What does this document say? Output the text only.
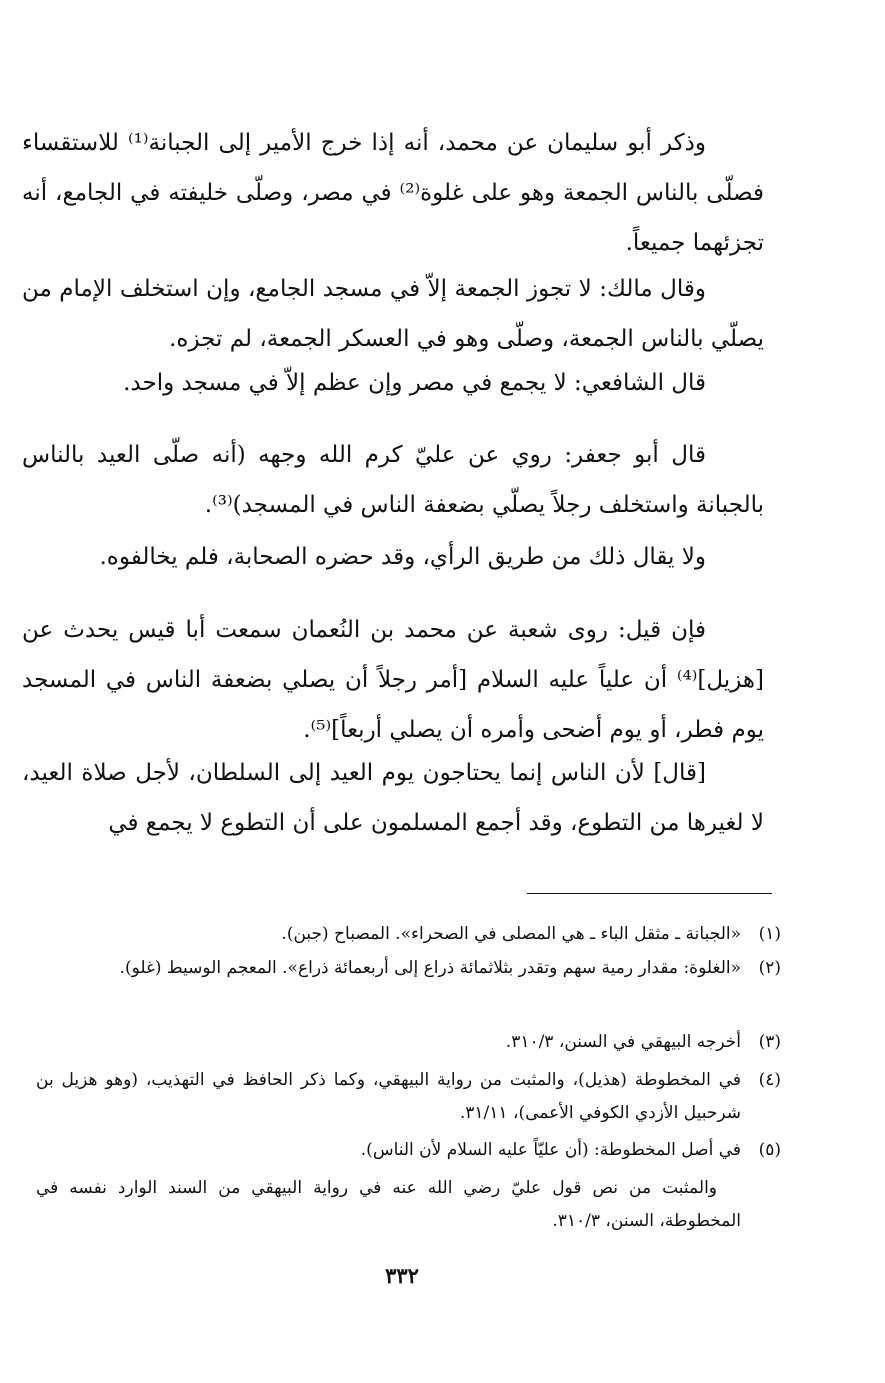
وذكر أبو سليمان عن محمد، أنه إذا خرج الأمير إلى الجبانة⁽¹⁾ للاستقساء فصلّى بالناس الجمعة وهو على غلوة⁽²⁾ في مصر، وصلّى خليفته في الجامع، أنه تجزئهما جميعاً.

وقال مالك: لا تجوز الجمعة إلاّ في مسجد الجامع، وإن استخلف الإمام من يصلّي بالناس الجمعة، وصلّى وهو في العسكر الجمعة، لم تجزه.

قال الشافعي: لا يجمع في مصر وإن عظم إلاّ في مسجد واحد.

قال أبو جعفر: روي عن عليّ كرم الله وجهه (أنه صلّى العيد بالناس بالجبانة واستخلف رجلاً يصلّي بضعفة الناس في المسجد)⁽³⁾.

ولا يقال ذلك من طريق الرأي، وقد حضره الصحابة، فلم يخالفوه.

فإن قيل: روى شعبة عن محمد بن النُعمان سمعت أبا قيس يحدث عن [هزيل]⁽⁴⁾ أن علياً عليه السلام [أمر رجلاً أن يصلي بضعفة الناس في المسجد يوم فطر، أو يوم أضحى وأمره أن يصلي أربعاً]⁽⁵⁾.

[قال] لأن الناس إنما يحتاجون يوم العيد إلى السلطان، لأجل صلاة العيد، لا لغيرها من التطوع، وقد أجمع المسلمون على أن التطوع لا يجمع في

(١)
«الجبانة ـ مثقل الباء ـ هي المصلى في الصحراء». المصباح (جبن).
(٢)
«الغلوة: مقدار رمية سهم وتقدر بثلاثمائة ذراع إلى أربعمائة ذراع». المعجم الوسيط (غلو).
(٣)
أخرجه البيهقي في السنن، ٣١٠/٣.
(٤)
في المخطوطة (هذيل)، والمثبت من رواية البيهقي، وكما ذكر الحافظ في التهذيب، (وهو هزيل بن شرحبيل الأزدي الكوفي الأعمى)، ٣١/١١.
(٥)
في أصل المخطوطة: (أن عليّاً عليه السلام لأن الناس).
والمثبت من نص قول عليّ رضي الله عنه في رواية البيهقي من السند الوارد نفسه في المخطوطة، السنن، ٣١٠/٣.
٣٣٢
